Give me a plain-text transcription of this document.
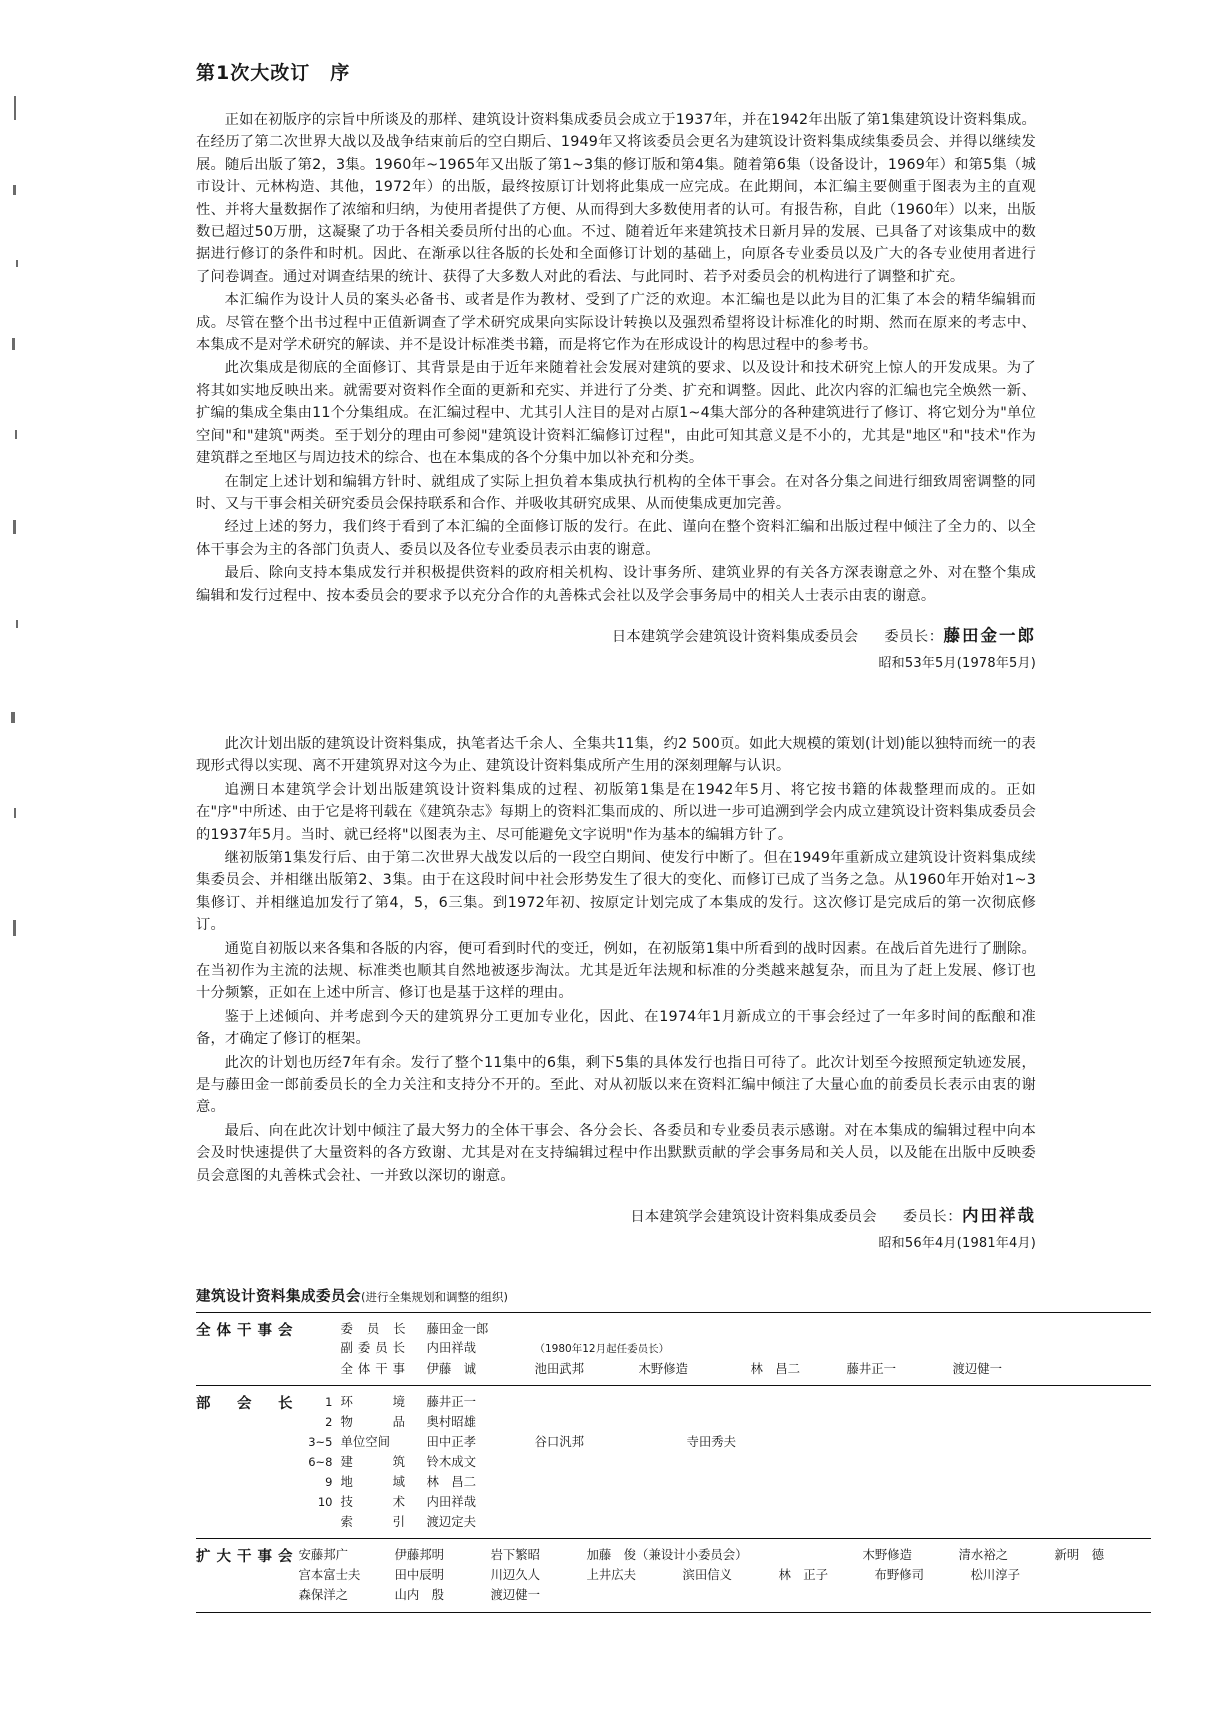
第1次大改订　序

正如在初版序的宗旨中所谈及的那样、建筑设计资料集成委员会成立于1937年，并在1942年出版了第1集建筑设计资料集成。在经历了第二次世界大战以及战争结束前后的空白期后、1949年又将该委员会更名为建筑设计资料集成续集委员会、并得以继续发展。随后出版了第2，3集。1960年~1965年又出版了第1~3集的修订版和第4集。随着第6集（设备设计，1969年）和第5集（城市设计、元林构造、其他，1972年）的出版，最终按原订计划将此集成一应完成。在此期间，本汇编主要侧重于图表为主的直观性、并将大量数据作了浓缩和归纳，为使用者提供了方便、从而得到大多数使用者的认可。有报告称，自此（1960年）以来，出版数已超过50万册，这凝聚了功于各相关委员所付出的心血。不过、随着近年来建筑技术日新月异的发展、已具备了对该集成中的数据进行修订的条件和时机。因此、在渐承以往各版的长处和全面修订计划的基础上，向原各专业委员以及广大的各专业使用者进行了问卷调查。通过对调查结果的统计、获得了大多数人对此的看法、与此同时、若予对委员会的机构进行了调整和扩充。

本汇编作为设计人员的案头必备书、或者是作为教材、受到了广泛的欢迎。本汇编也是以此为目的汇集了本会的精华编辑而成。尽管在整个出书过程中正值新调查了学术研究成果向实际设计转换以及强烈希望将设计标准化的时期、然而在原来的考志中、本集成不是对学术研究的解读、并不是设计标准类书籍，而是将它作为在形成设计的构思过程中的参考书。

此次集成是彻底的全面修订、其背景是由于近年来随着社会发展对建筑的要求、以及设计和技术研究上惊人的开发成果。为了将其如实地反映出来。就需要对资料作全面的更新和充实、并进行了分类、扩充和调整。因此、此次内容的汇编也完全焕然一新、扩编的集成全集由11个分集组成。在汇编过程中、尤其引人注目的是对占原1~4集大部分的各种建筑进行了修订、将它划分为"单位空间"和"建筑"两类。至于划分的理由可参阅"建筑设计资料汇编修订过程"，由此可知其意义是不小的，尤其是"地区"和"技术"作为建筑群之至地区与周边技术的综合、也在本集成的各个分集中加以补充和分类。

在制定上述计划和编辑方针时、就组成了实际上担负着本集成执行机构的全体干事会。在对各分集之间进行细致周密调整的同时、又与干事会相关研究委员会保持联系和合作、并吸收其研究成果、从而使集成更加完善。

经过上述的努力，我们终于看到了本汇编的全面修订版的发行。在此、谨向在整个资料汇编和出版过程中倾注了全力的、以全体干事会为主的各部门负责人、委员以及各位专业委员表示由衷的谢意。

最后、除向支持本集成发行并积极提供资料的政府相关机构、设计事务所、建筑业界的有关各方深表谢意之外、对在整个集成编辑和发行过程中、按本委员会的要求予以充分合作的丸善株式会社以及学会事务局中的相关人士表示由衷的谢意。

日本建筑学会建筑设计资料集成委员会 委员长：藤田金一郎
昭和53年5月(1978年5月)

此次计划出版的建筑设计资料集成，执笔者达千余人、全集共11集，约2 500页。如此大规模的策划(计划)能以独特而统一的表现形式得以实现、离不开建筑界对这今为止、建筑设计资料集成所产生用的深刻理解与认识。

追溯日本建筑学会计划出版建筑设计资料集成的过程、初版第1集是在1942年5月、将它按书籍的体裁整理而成的。正如在"序"中所述、由于它是将刊载在《建筑杂志》每期上的资料汇集而成的、所以进一步可追溯到学会内成立建筑设计资料集成委员会的1937年5月。当时、就已经将"以图表为主、尽可能避免文字说明"作为基本的编辑方针了。

继初版第1集发行后、由于第二次世界大战发以后的一段空白期间、使发行中断了。但在1949年重新成立建筑设计资料集成续集委员会、并相继出版第2、3集。由于在这段时间中社会形势发生了很大的变化、而修订已成了当务之急。从1960年开始对1~3集修订、并相继追加发行了第4，5，6三集。到1972年初、按原定计划完成了本集成的发行。这次修订是完成后的第一次彻底修订。

通览自初版以来各集和各版的内容，便可看到时代的变迁，例如，在初版第1集中所看到的战时因素。在战后首先进行了删除。在当初作为主流的法规、标准类也顺其自然地被逐步淘汰。尤其是近年法规和标准的分类越来越复杂，而且为了赶上发展、修订也十分频繁，正如在上述中所言、修订也是基于这样的理由。

鉴于上述倾向、并考虑到今天的建筑界分工更加专业化，因此、在1974年1月新成立的干事会经过了一年多时间的酝酿和准备，才确定了修订的框架。

此次的计划也历经7年有余。发行了整个11集中的6集，剩下5集的具体发行也指日可待了。此次计划至今按照预定轨迹发展，是与藤田金一郎前委员长的全力关注和支持分不开的。至此、对从初版以来在资料汇编中倾注了大量心血的前委员长表示由衷的谢意。

最后、向在此次计划中倾注了最大努力的全体干事会、各分会长、各委员和专业委员表示感谢。对在本集成的编辑过程中向本会及时快速提供了大量资料的各方致谢、尤其是对在支持编辑过程中作出默默贡献的学会事务局和关人员，以及能在出版中反映委员会意图的丸善株式会社、一并致以深切的谢意。

日本建筑学会建筑设计资料集成委员会 委员长：内田祥哉
昭和56年4月(1981年4月)
建筑设计资料集成委员会(进行全集规划和调整的组织)
全体干事会	委 员 长	藤田金一郎
副委员长	内田祥哉	（1980年12月起任委员长）
全体干事	伊藤　诚	池田武邦	木野修造	林　昌二	藤井正一	渡辺健一

部　会　长	1 环　　境	藤井正一
2 物　　品	奥村昭雄
3~5 单位空间	田中正孝	谷口汎邦	寺田秀夫
6~8 建　　筑	铃木成文
9 地　　域	林　昌二
10 技　　术	内田祥哉
索　　引	渡辺定夫

扩大干事会	安藤邦广	伊藤邦明	岩下繁昭	加藤　俊（兼设计小委员会）	木野修造	清水裕之	新明　德
宫本富士夫	田中辰明	川辺久人	上井広夫	滨田信义	林　正子	布野修司	松川淳子
森保洋之	山内　殷	渡辺健一
